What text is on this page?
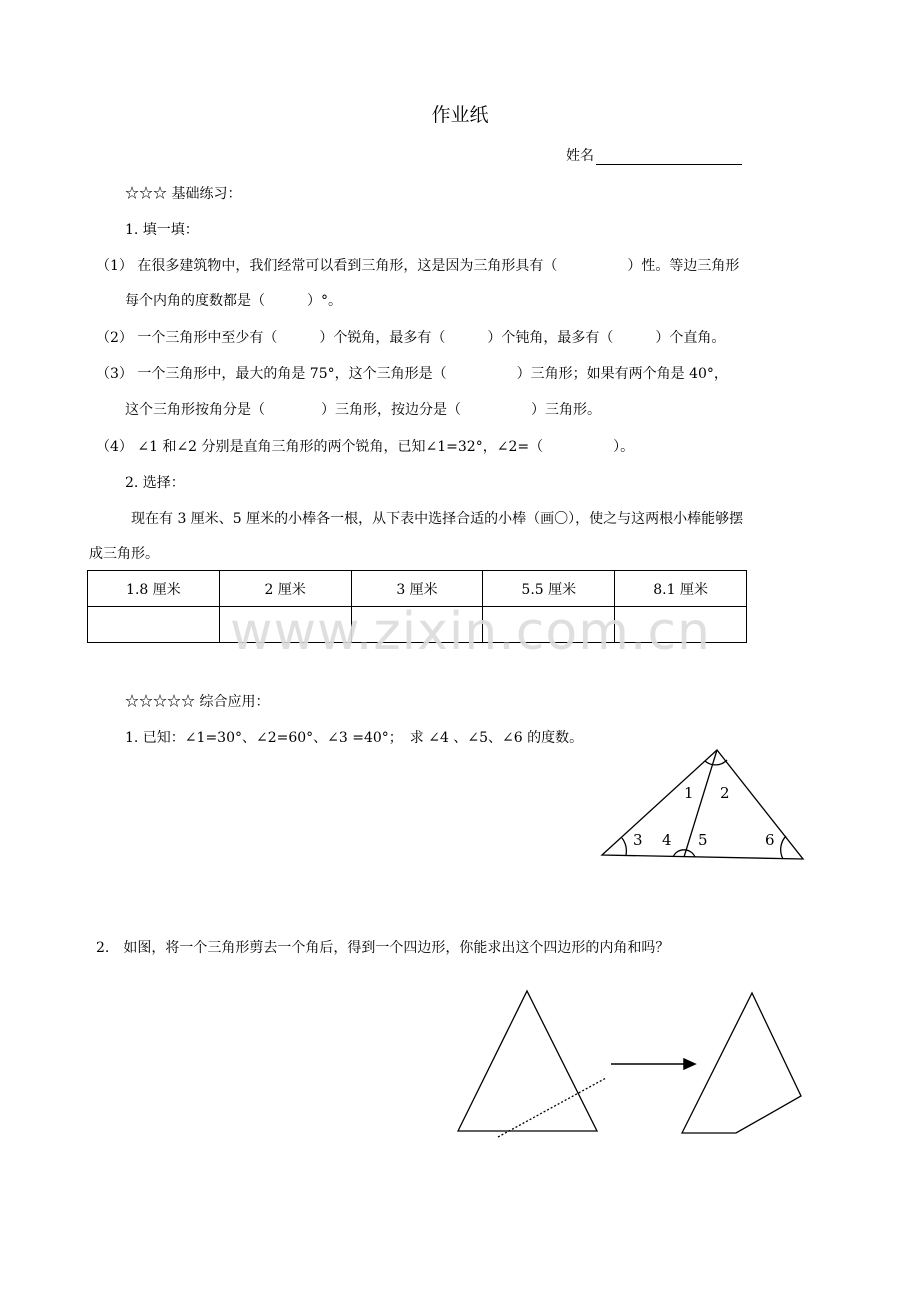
作业纸
姓名
☆☆☆ 基础练习：
1. 填一填：
（1） 在很多建筑物中，我们经常可以看到三角形，这是因为三角形具有（　　　　　）性。等边三角形
每个内角的度数都是（　　　）°。
（2） 一个三角形中至少有（　　　）个锐角，最多有（　　　）个钝角，最多有（　　　）个直角。
（3） 一个三角形中，最大的角是 75°，这个三角形是（　　　　　）三角形；如果有两个角是 40°，
这个三角形按角分是（　　　　）三角形，按边分是（　　　　　）三角形。
（4） ∠1 和∠2 分别是直角三角形的两个锐角，已知∠1=32°，∠2=（　　　　　）。
2. 选择：
现在有 3 厘米、5 厘米的小棒各一根，从下表中选择合适的小棒（画〇），使之与这两根小棒能够摆
成三角形。
1.8 厘米	2 厘米	3 厘米	5.5 厘米	8.1 厘米

www.zixin.com.cn
☆☆☆☆☆ 综合应用：
1. 已知：∠1=30°、∠2=60°、∠3 =40°；　求 ∠4 、∠5、∠6 的度数。
1 2
3 4 5	6
2.　如图，将一个三角形剪去一个角后，得到一个四边形，你能求出这个四边形的内角和吗？
